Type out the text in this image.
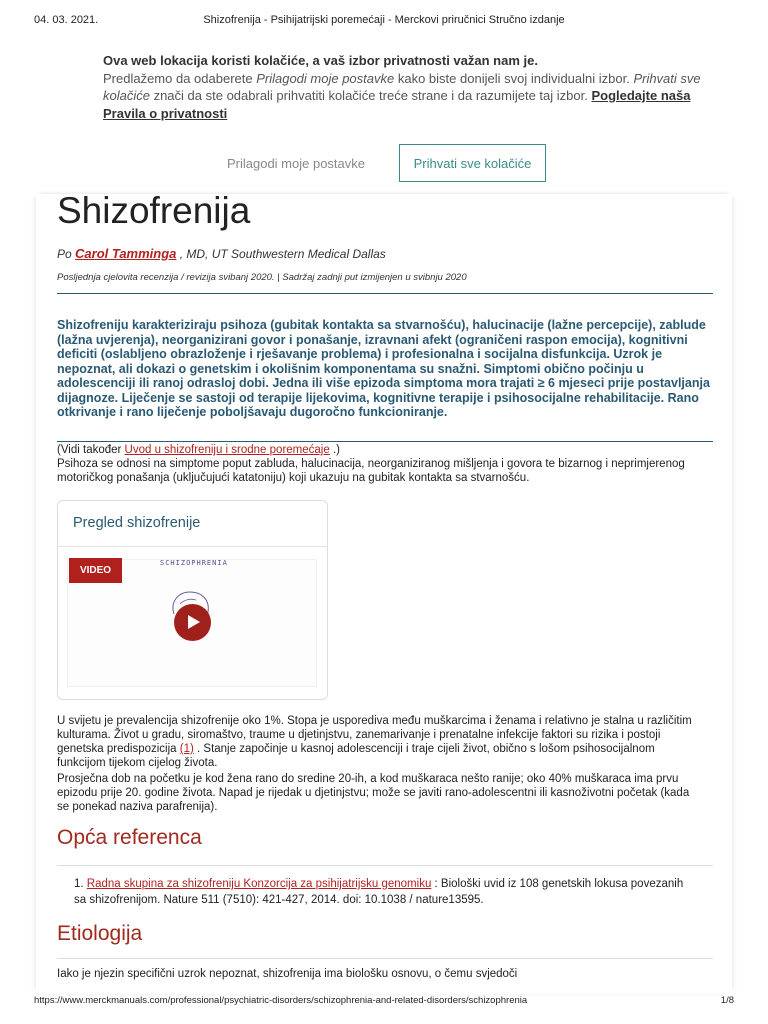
04. 03. 2021.	Shizofrenija - Psihijatrijski poremećaji - Merckovi priručnici Stručno izdanje
Ova web lokacija koristi kolačiće, a vaš izbor privatnosti važan nam je.
Predlažemo da odaberete Prilagodi moje postavke kako biste donijeli svoj individualni izbor. Prihvati sve kolačiće znači da ste odabrali prihvatiti kolačiće treće strane i da razumijete taj izbor. Pogledajte naša Pravila o privatnosti
Prilagodi moje postavke	Prihvati sve kolačiće
Shizofrenija
Po Carol Tamminga , MD, UT Southwestern Medical Dallas
Posljednja cjelovita recenzija / revizija svibanj 2020. | Sadržaj zadnji put izmijenjen u svibnju 2020
Shizofreniju karakteriziraju psihoza (gubitak kontakta sa stvarnošću), halucinacije (lažne percepcije), zablude (lažna uvjerenja), neorganizirani govor i ponašanje, izravnani afekt (ograničeni raspon emocija), kognitivni deficiti (oslabljeno obrazloženje i rješavanje problema) i profesionalna i socijalna disfunkcija. Uzrok je nepoznat, ali dokazi o genetskim i okolišnim komponentama su snažni. Simptomi obično počinju u adolescenciji ili ranoj odrasloj dobi. Jedna ili više epizoda simptoma mora trajati ≥ 6 mjeseci prije postavljanja dijagnoze. Liječenje se sastoji od terapije lijekovima, kognitivne terapije i psihosocijalne rehabilitacije. Rano otkrivanje i rano liječenje poboljšavaju dugoročno funkcioniranje.
(Vidi također Uvod u shizofreniju i srodne poremećaje .)
Psihoza se odnosi na simptome poput zabluda, halucinacija, neorganiziranog mišljenja i govora te bizarnog i neprimjerenog motoričkog ponašanja (uključujući katatoniju) koji ukazuju na gubitak kontakta sa stvarnošću.
Pregled shizofrenije
VIDEO
SCHIZOPHRENIA
U svijetu je prevalencija shizofrenije oko 1%. Stopa je usporediva među muškarcima i ženama i relativno je stalna u različitim kulturama. Život u gradu, siromaštvo, traume u djetinjstvu, zanemarivanje i prenatalne infekcije faktori su rizika i postoji genetska predispozicija (1) . Stanje započinje u kasnoj adolescenciji i traje cijeli život, obično s lošom psihosocijalnom funkcijom tijekom cijelog života.
Prosječna dob na početku je kod žena rano do sredine 20-ih, a kod muškaraca nešto ranije; oko 40% muškaraca ima prvu epizodu prije 20. godine života. Napad je rijedak u djetinjstvu; može se javiti rano-adolescentni ili kasnoživotni početak (kada se ponekad naziva parafrenija).
Opća referenca
1. Radna skupina za shizofreniju Konzorcija za psihijatrijsku genomiku : Biološki uvid iz 108 genetskih lokusa povezanih sa shizofrenijom. Nature 511 (7510): 421-427, 2014. doi: 10.1038 / nature13595.
Etiologija
Iako je njezin specifični uzrok nepoznat, shizofrenija ima biološku osnovu, o čemu svjedoči
https://www.merckmanuals.com/professional/psychiatric-disorders/schizophrenia-and-related-disorders/schizophrenia	1/8
